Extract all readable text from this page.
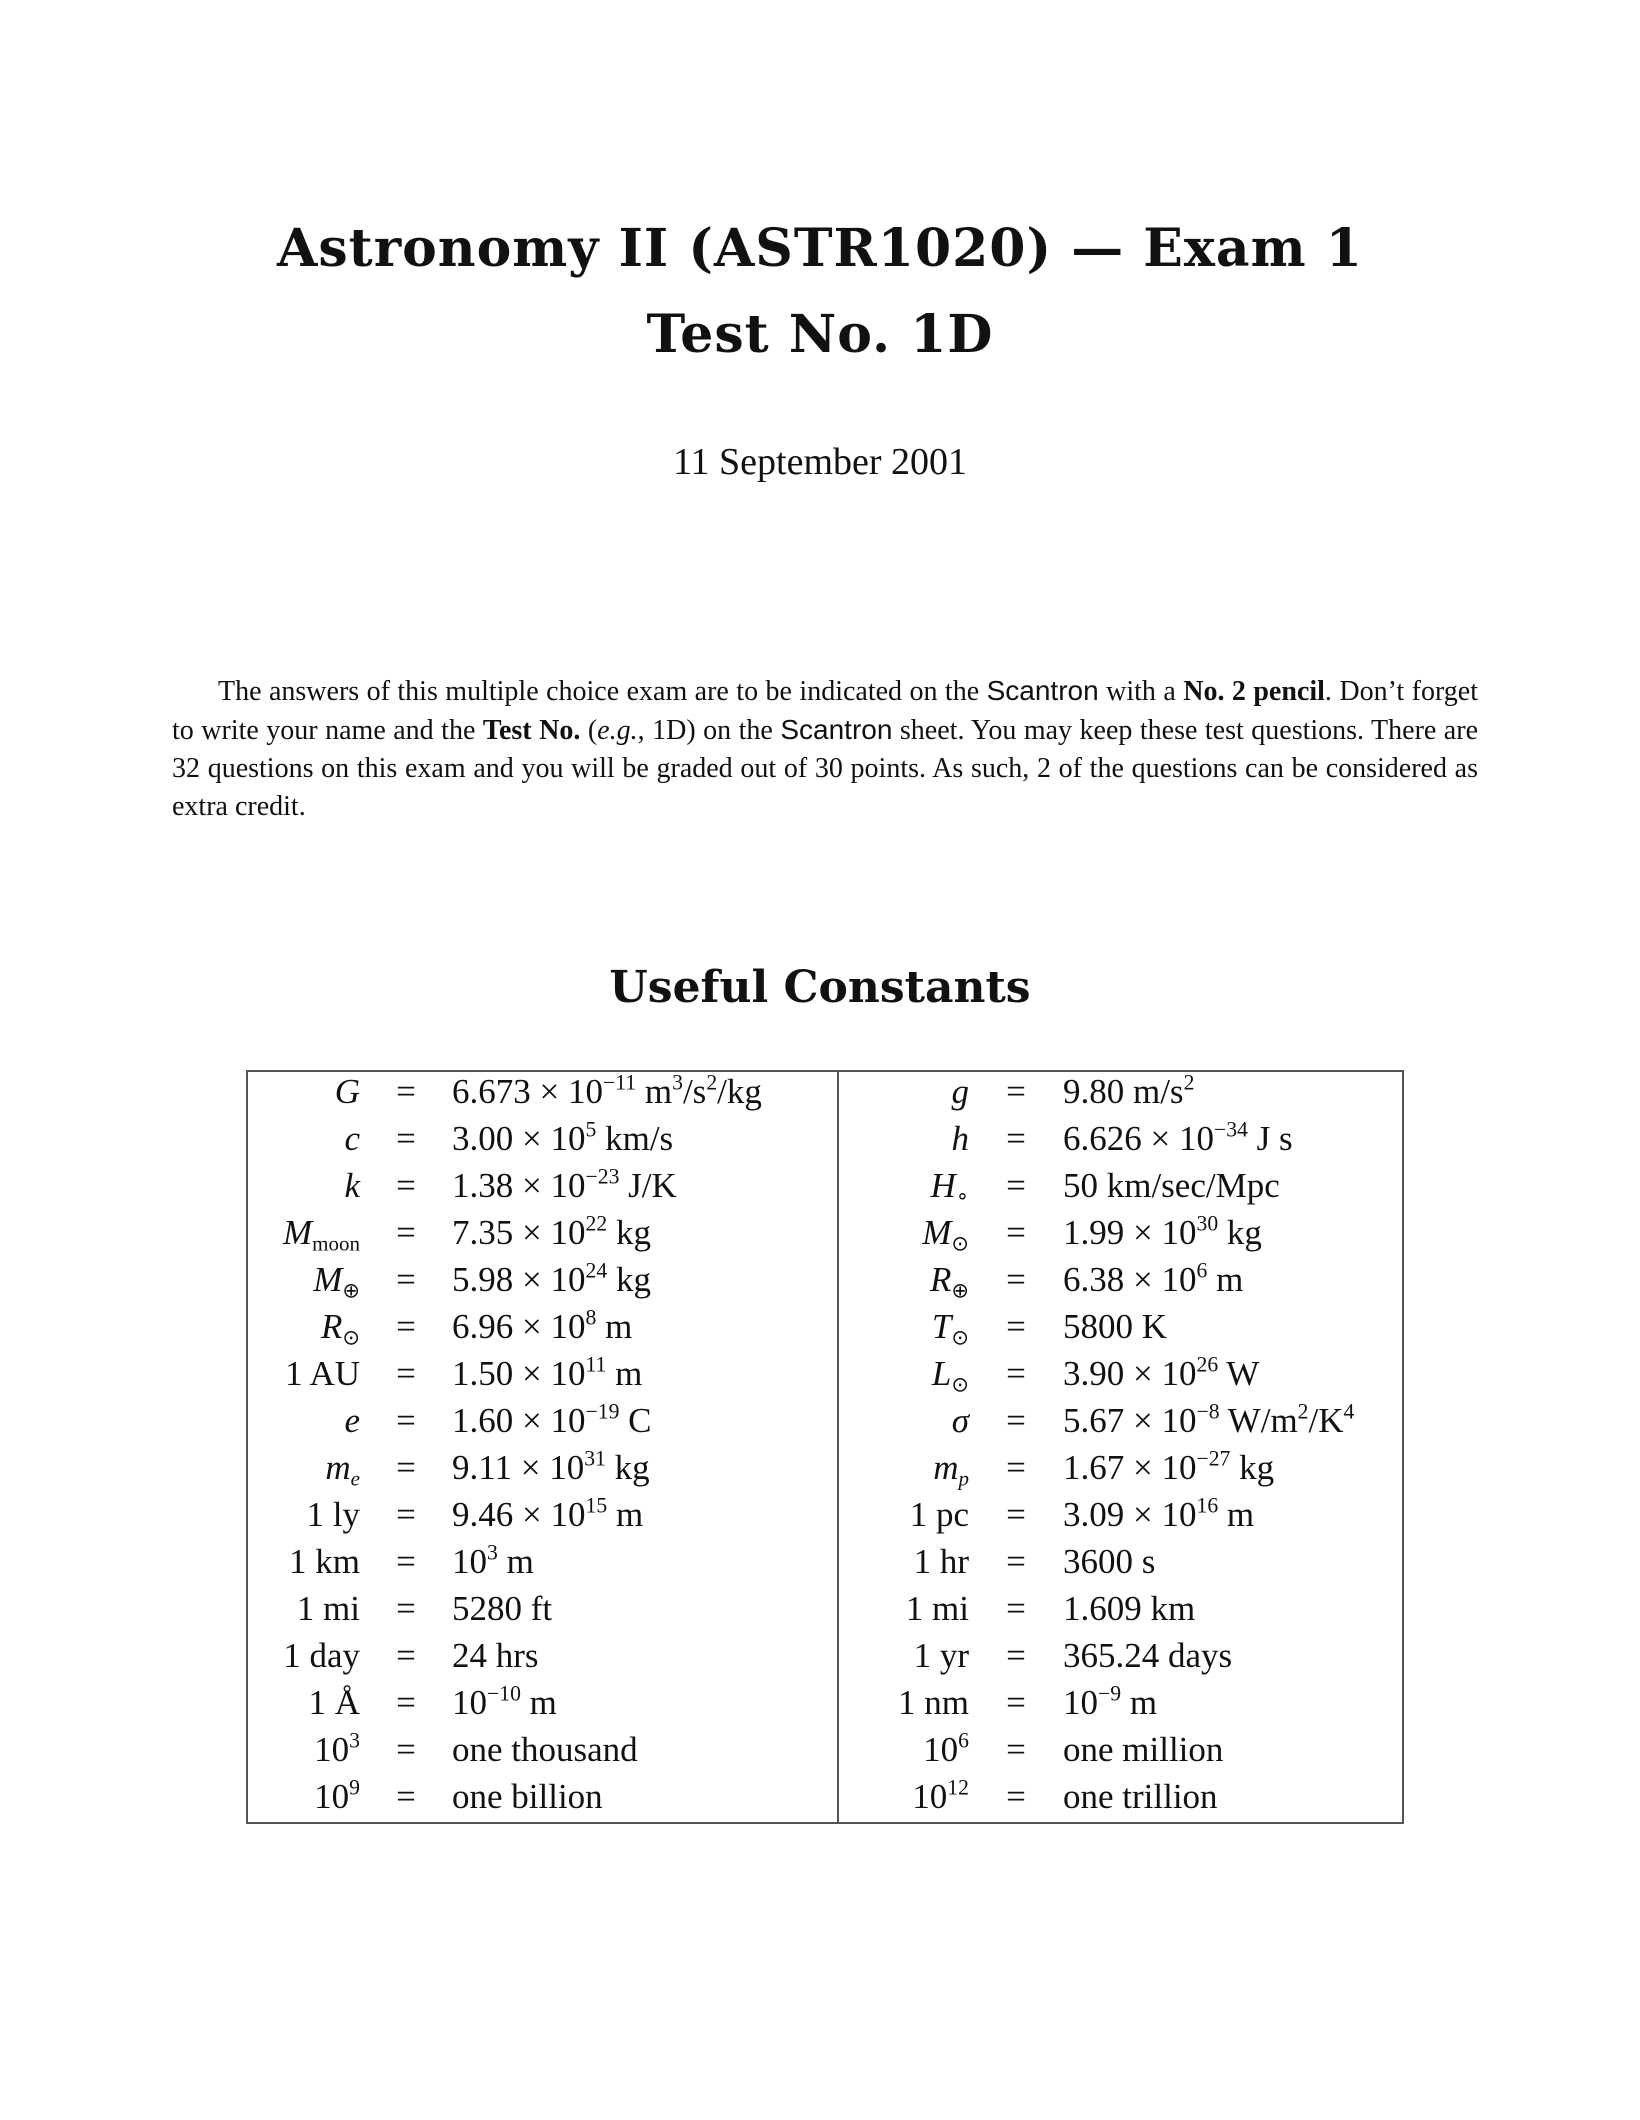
Astronomy II (ASTR1020) — Exam 1
Test No. 1D
11 September 2001

The answers of this multiple choice exam are to be indicated on the Scantron with a No. 2 pencil. Don’t forget to write your name and the Test No. (e.g., 1D) on the Scantron sheet. You may keep these test questions. There are 32 questions on this exam and you will be graded out of 30 points. As such, 2 of the questions can be considered as extra credit.

Useful Constants
G	=	$6.673 \times 10^{-11}$ $m^3/s^2/kg$
c	=	$3.00 \times 10^5$ km/s
k	=	$1.38 \times 10^{-23}$ J/K
$M_{moon}$	=	$7.35 \times 10^{22}$ kg
$M_\oplus$	=	$5.98 \times 10^{24}$ kg
$R_⊙$	=	$6.96 \times 10^8$ m
1 AU	=	$1.50 \times 10^{11}$ m
e	=	$1.60 \times 10^{-19}$ C
$m_e$	=	$9.11 \times 10^{31}$ kg
1 ly	=	$9.46 \times 10^{15}$ m
1 km	=	$10^3$ m
1 mi	=	5280 ft
1 day	=	24 hrs
1 Å	=	$10^{-10}$ m
$10^3$	=	one thousand
$10^9$	=	one billion
g	=	9.80 $m/s^2$
h	=	$6.626 \times 10^{-34}$ J s
$H_\circ$	=	50 km/sec/Mpc
$M_⊙$	=	$1.99 \times 10^{30}$ kg
$R_\oplus$	=	$6.38 \times 10^6$ m
$T_⊙$	=	5800 K
$L_⊙$	=	$3.90 \times 10^{26}$ W
σ	=	$5.67 \times 10^{-8}$ $W/m^2/K^4$
$m_p$	=	$1.67 \times 10^{-27}$ kg
1 pc	=	$3.09 \times 10^{16}$ m
1 hr	=	3600 s
1 mi	=	1.609 km
1 yr	=	365.24 days
1 nm	=	$10^{-9}$ m
$10^6$	=	one million
$10^{12}$	=	one trillion
